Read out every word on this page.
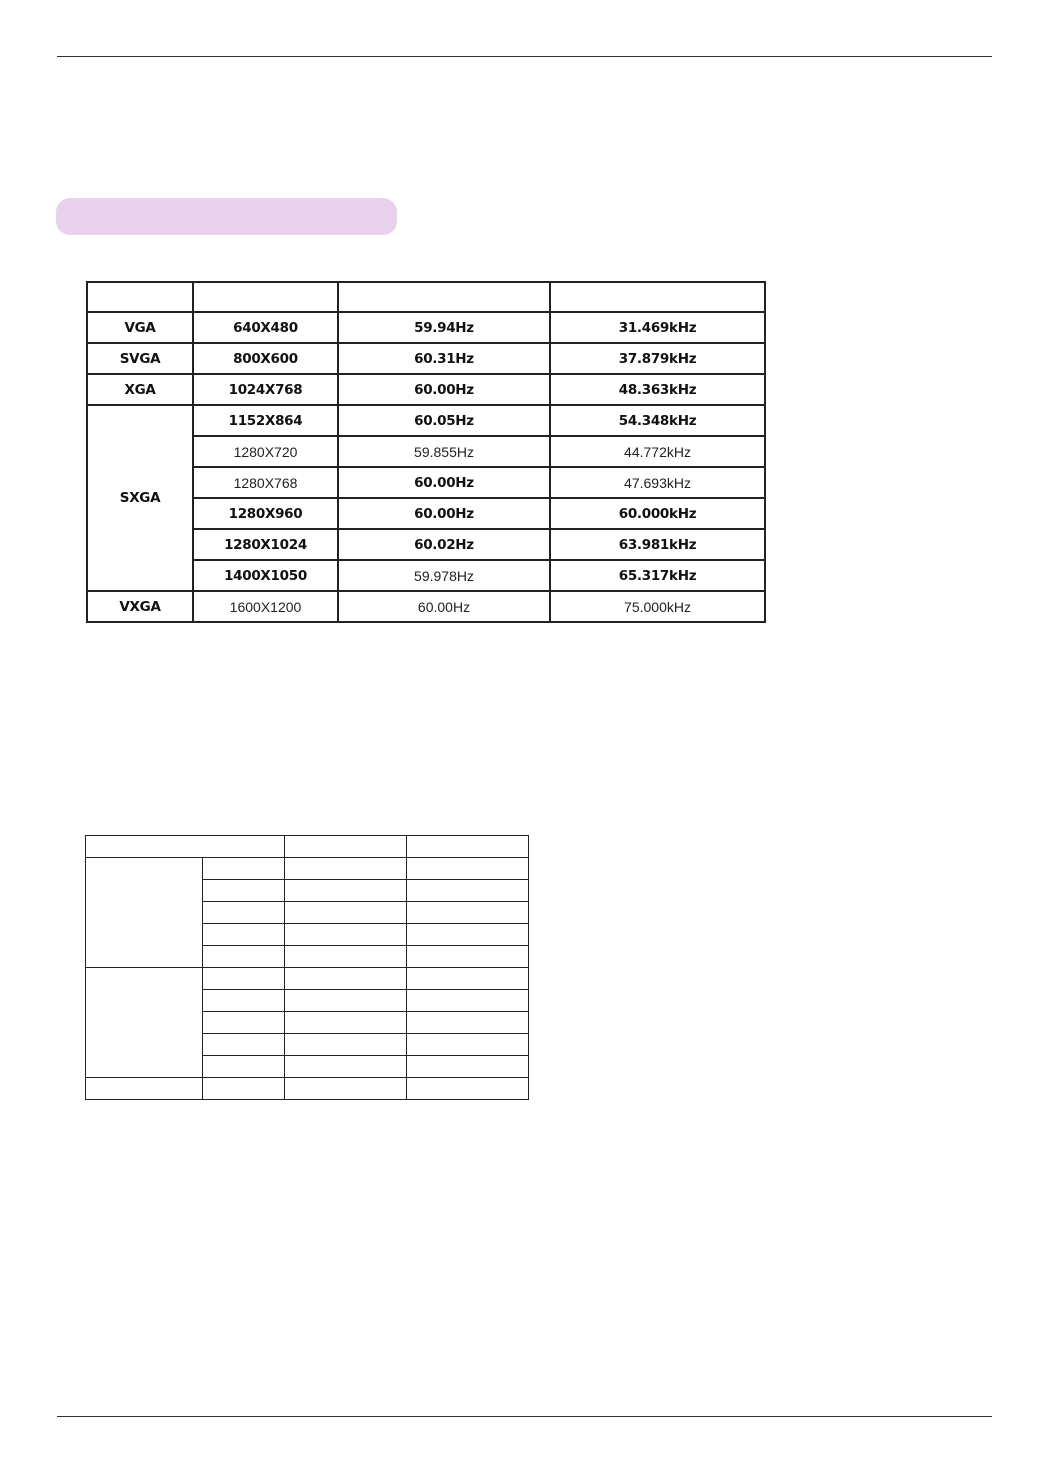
VGA	640X480	59.94Hz	31.469kHz
SVGA	800X600	60.31Hz	37.879kHz
XGA	1024X768	60.00Hz	48.363kHz
SXGA	1152X864	60.05Hz	54.348kHz
	1280X720	59.855Hz	44.772kHz
	1280X768	60.00Hz	47.693kHz
	1280X960	60.00Hz	60.000kHz
	1280X1024	60.02Hz	63.981kHz
	1400X1050	59.978Hz	65.317kHz
VXGA	1600X1200	60.00Hz	75.000kHz
